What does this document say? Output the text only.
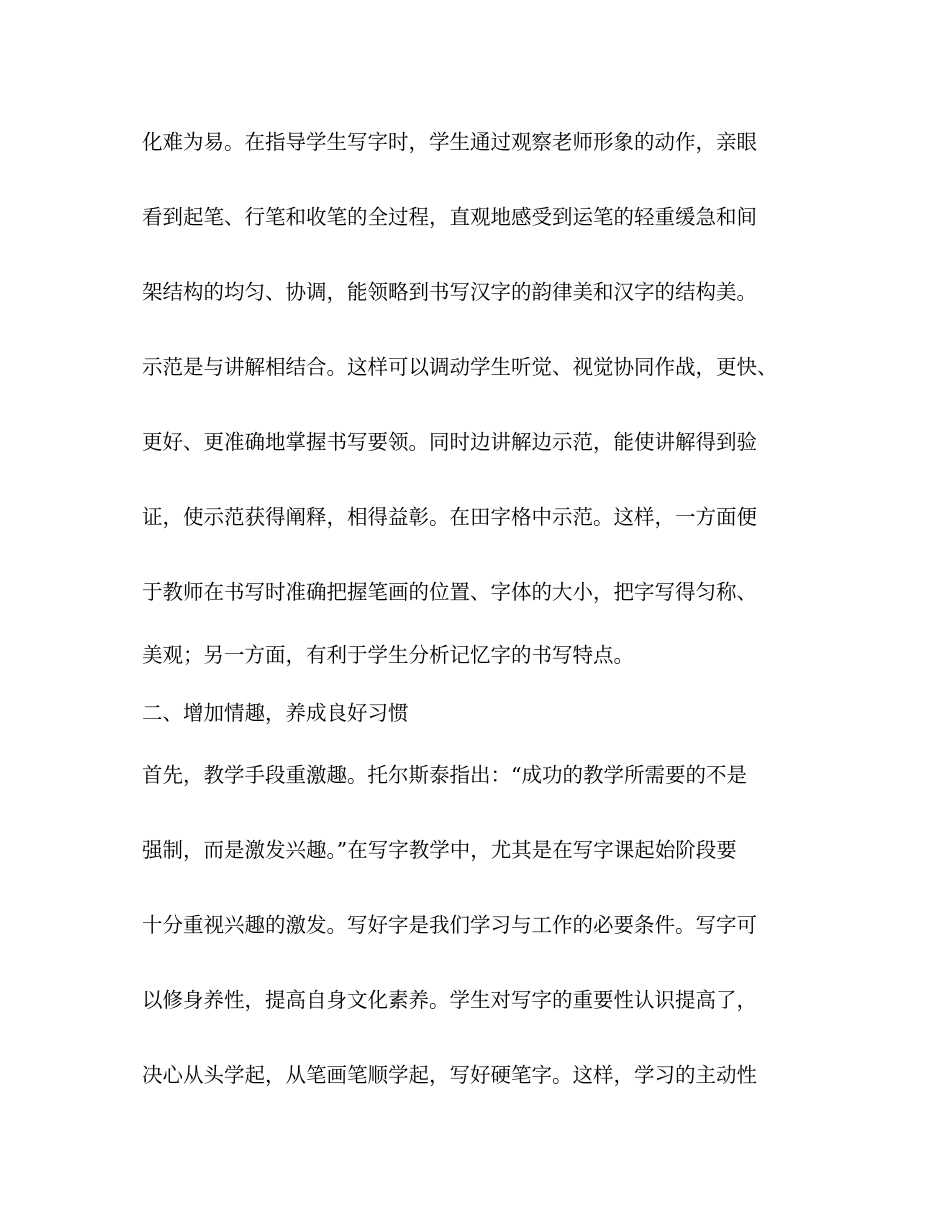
化难为易。在指导学生写字时，学生通过观察老师形象的动作，亲眼
看到起笔、行笔和收笔的全过程，直观地感受到运笔的轻重缓急和间
架结构的均匀、协调，能领略到书写汉字的韵律美和汉字的结构美。
示范是与讲解相结合。这样可以调动学生听觉、视觉协同作战，更快、
更好、更准确地掌握书写要领。同时边讲解边示范，能使讲解得到验
证，使示范获得阐释，相得益彰。在田字格中示范。这样，一方面便
于教师在书写时准确把握笔画的位置、字体的大小，把字写得匀称、
美观；另一方面，有利于学生分析记忆字的书写特点。
二、增加情趣，养成良好习惯
首先，教学手段重激趣。托尔斯泰指出：“成功的教学所需要的不是
强制，而是激发兴趣。”在写字教学中，尤其是在写字课起始阶段要
十分重视兴趣的激发。写好字是我们学习与工作的必要条件。写字可
以修身养性，提高自身文化素养。学生对写字的重要性认识提高了，
决心从头学起，从笔画笔顺学起，写好硬笔字。这样，学习的主动性
